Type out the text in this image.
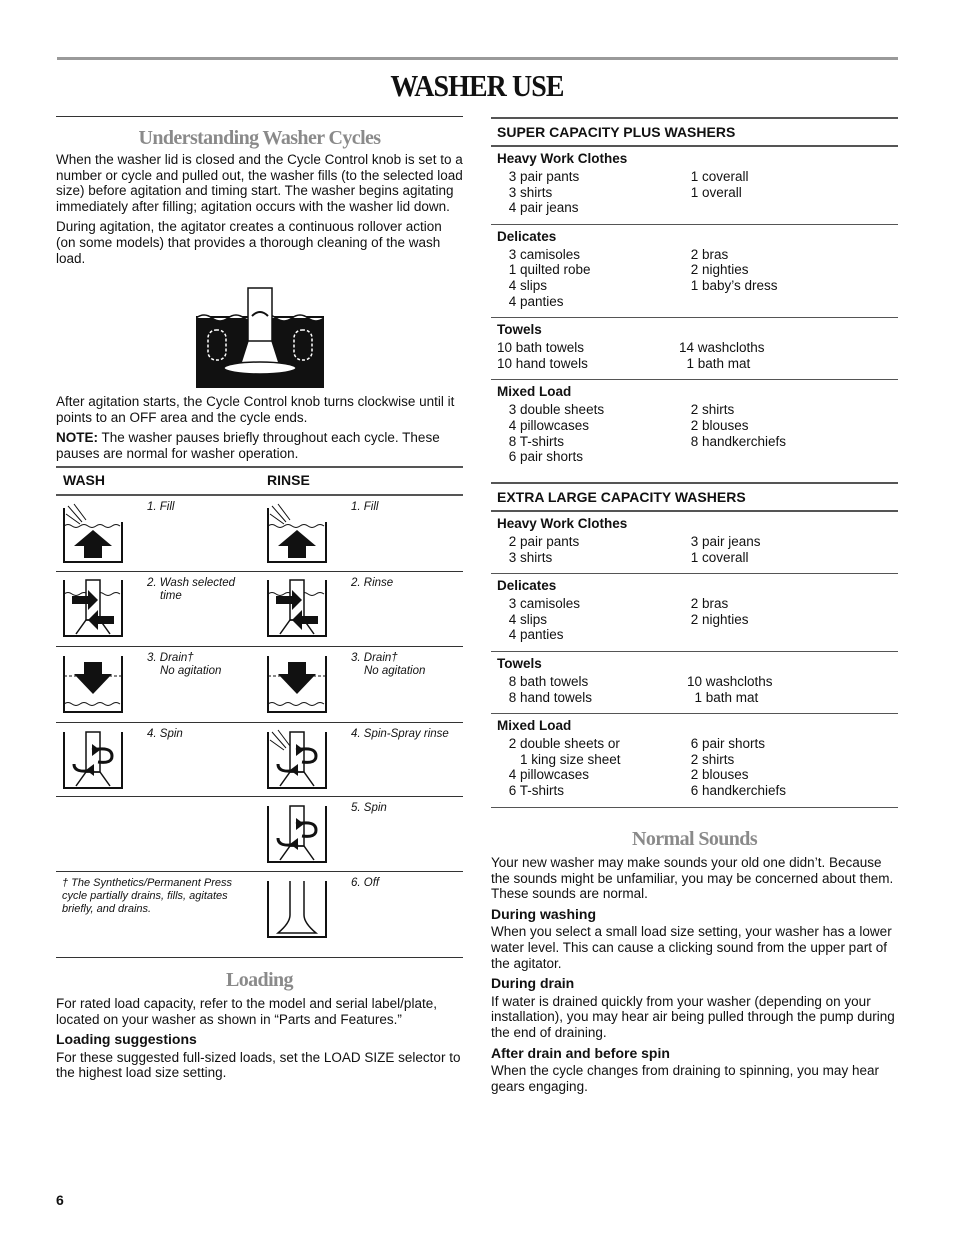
WASHER USE
Understanding Washer Cycles

When the washer lid is closed and the Cycle Control knob is set to a number or cycle and pulled out, the washer fills (to the selected load size) before agitation and timing start. The washer begins agitating immediately after filling; agitation occurs with the washer lid down.

During agitation, the agitator creates a continuous rollover action (on some models) that provides a thorough cleaning of the wash load.

After agitation starts, the Cycle Control knob turns clockwise until it points to an OFF area and the cycle ends.

NOTE: The washer pauses briefly throughout each cycle. These pauses are normal for washer operation.

WASH	RINSE
1. Fill
2. Wash selected
time
3. Drain†
No agitation
4. Spin
1. Fill
2. Rinse
3. Drain†
No agitation
4. Spin-Spray rinse
5. Spin
6. Off
† The Synthetics/Permanent Press cycle partially drains, fills, agitates briefly, and drains.
Loading

For rated load capacity, refer to the model and serial label/plate, located on your washer as shown in “Parts and Features.”

Loading suggestions

For these suggested full-sized loads, set the LOAD SIZE selector to the highest load size setting.

6
SUPER CAPACITY PLUS WASHERS
Heavy Work Clothes
3 pair pants
3 shirts
4 pair jeans
1 coverall
1 overall
Delicates
3 camisoles
1 quilted robe
4 slips
4 panties
2 bras
2 nighties
1 baby’s dress
Towels
10 bath towels
10 hand towels
14 washcloths
1 bath mat
Mixed Load
3 double sheets
4 pillowcases
8 T-shirts
6 pair shorts
2 shirts
2 blouses
8 handkerchiefs
EXTRA LARGE CAPACITY WASHERS
Heavy Work Clothes
2 pair pants
3 shirts
3 pair jeans
1 coverall
Delicates
3 camisoles
4 slips
4 panties
2 bras
2 nighties
Towels
8 bath towels
8 hand towels
10 washcloths
1 bath mat
Mixed Load
2 double sheets or
1 king size sheet
4 pillowcases
6 T-shirts
6 pair shorts
2 shirts
2 blouses
6 handkerchiefs
Normal Sounds

Your new washer may make sounds your old one didn’t. Because the sounds might be unfamiliar, you may be concerned about them. These sounds are normal.

During washing

When you select a small load size setting, your washer has a lower water level. This can cause a clicking sound from the upper part of the agitator.

During drain

If water is drained quickly from your washer (depending on your installation), you may hear air being pulled through the pump during the end of draining.

After drain and before spin

When the cycle changes from draining to spinning, you may hear gears engaging.
